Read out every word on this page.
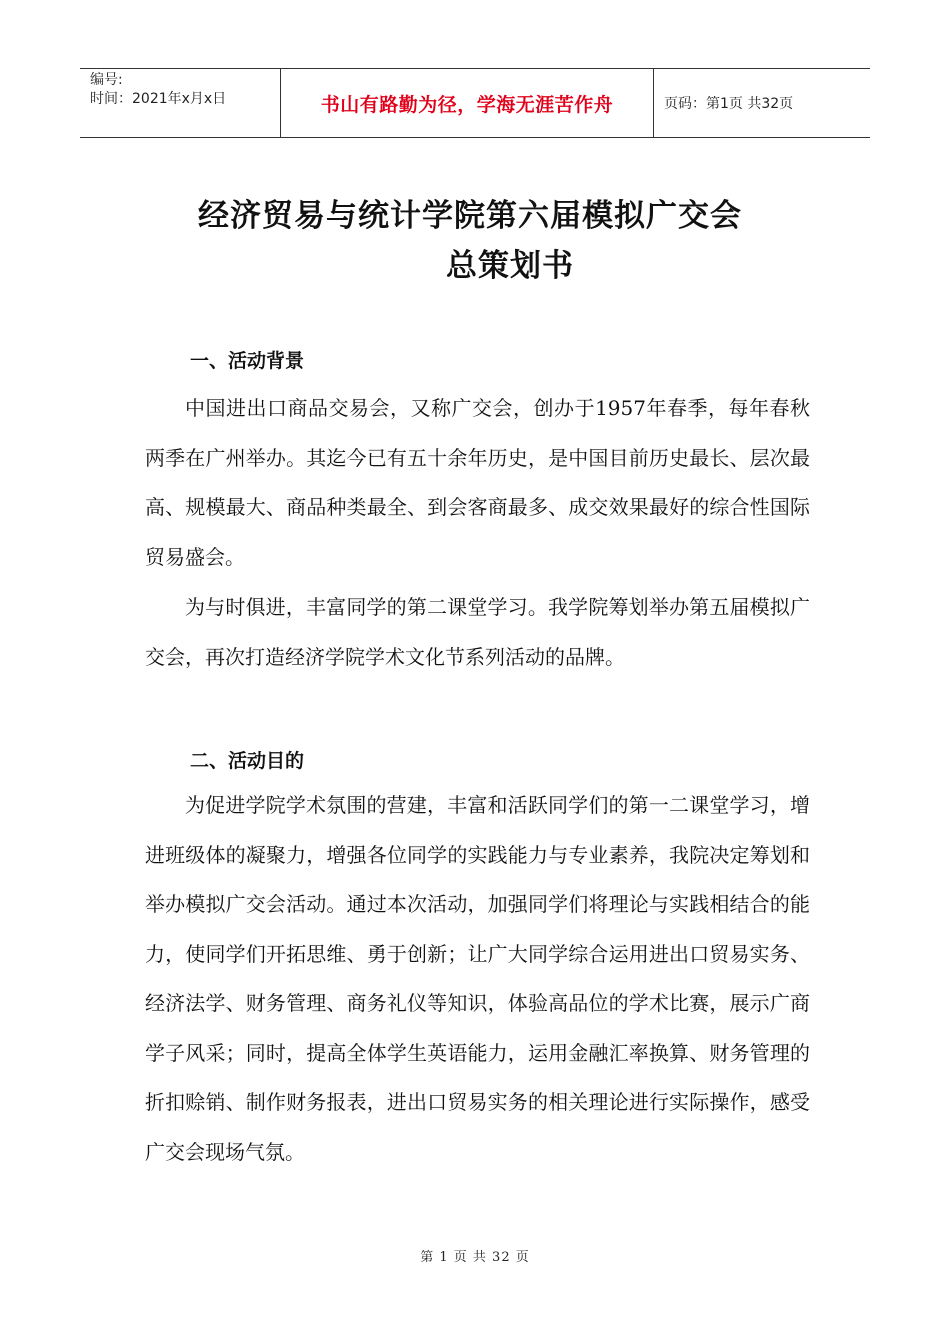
编号:
时间：2021年x月x日	书山有路勤为径，学海无涯苦作舟	页码：第1页 共32页
经济贸易与统计学院第六届模拟广交会
总策划书
一、活动背景

中国进出口商品交易会，又称广交会，创办于1957年春季，每年春秋两季在广州举办。其迄今已有五十余年历史，是中国目前历史最长、层次最高、规模最大、商品种类最全、到会客商最多、成交效果最好的综合性国际贸易盛会。

为与时俱进，丰富同学的第二课堂学习。我学院筹划举办第五届模拟广交会，再次打造经济学院学术文化节系列活动的品牌。

二、活动目的

为促进学院学术氛围的营建，丰富和活跃同学们的第一二课堂学习，增进班级体的凝聚力，增强各位同学的实践能力与专业素养，我院决定筹划和举办模拟广交会活动。通过本次活动，加强同学们将理论与实践相结合的能力，使同学们开拓思维、勇于创新；让广大同学综合运用进出口贸易实务、经济法学、财务管理、商务礼仪等知识，体验高品位的学术比赛，展示广商学子风采；同时，提高全体学生英语能力，运用金融汇率换算、财务管理的折扣赊销、制作财务报表，进出口贸易实务的相关理论进行实际操作，感受广交会现场气氛。

第 1 页 共 32 页
